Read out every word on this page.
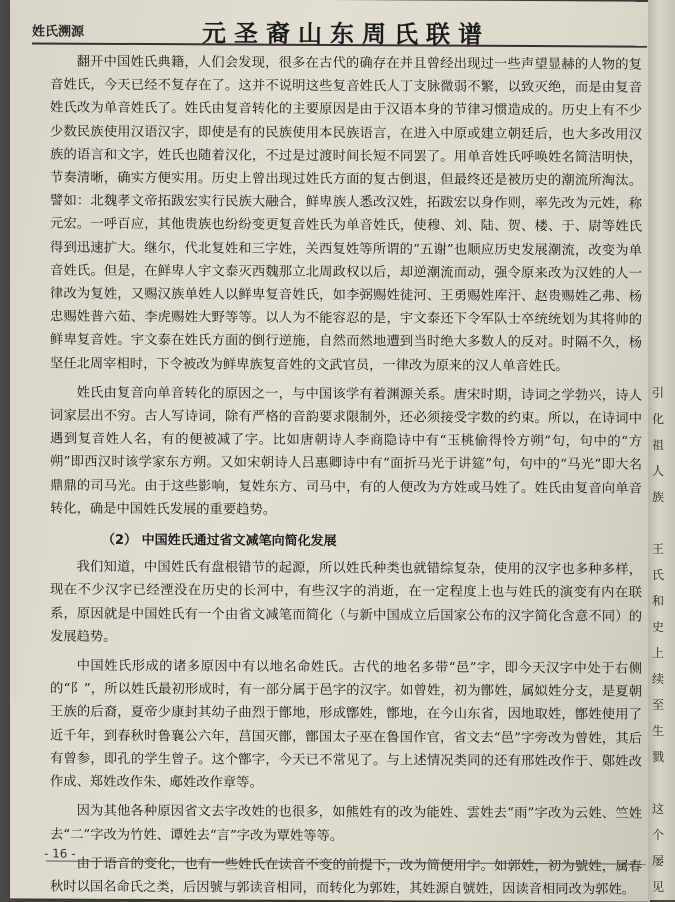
姓氏溯源	元圣裔山东周氏联谱

翻开中国姓氏典籍，人们会发现，很多在古代的确存在并且曾经出现过一些声望显赫的人物的复音姓氏，今天已经不复存在了。这并不说明这些复音姓氏人丁支脉微弱不繁，以致灭绝，而是由复音姓氏改为单音姓氏了。姓氏由复音转化的主要原因是由于汉语本身的节律习惯造成的。历史上有不少少数民族使用汉语汉字，即使是有的民族使用本民族语言，在进入中原或建立朝廷后，也大多改用汉族的语言和文字，姓氏也随着汉化，不过是过渡时间长短不同罢了。用单音姓氏呼唤姓名简洁明快，节奏清晰，确实方便实用。历史上曾出现过姓氏方面的复古倒退，但最终还是被历史的潮流所淘汰。譬如：北魏孝文帝拓跋宏实行民族大融合，鲜卑族人悉改汉姓，拓跋宏以身作则，率先改为元姓，称元宏。一呼百应，其他贵族也纷纷变更复音姓氏为单音姓氏，使穆、刘、陆、贺、楼、于、尉等姓氏得到迅速扩大。继尔，代北复姓和三字姓，关西复姓等所谓的“五谢”也顺应历史发展潮流，改变为单音姓氏。但是，在鲜卑人宇文泰灭西魏那立北周政权以后，却逆潮流而动，强令原来改为汉姓的人一律改为复姓，又赐汉族单姓人以鲜卑复音姓氏，如李弼赐姓徒河、王勇赐姓库汗、赵贵赐姓乙弗、杨忠赐姓普六茹、李虎赐姓大野等等。以人为不能容忍的是，宇文泰还下令军队士卒统统划为其将帅的鲜卑复音姓。宇文泰在姓氏方面的倒行逆施，自然而然地遭到当时绝大多数人的反对。时隔不久，杨坚任北周宰相时，下令被改为鲜卑族复音姓的文武官员，一律改为原来的汉人单音姓氏。

姓氏由复音向单音转化的原因之一，与中国该学有着渊源关系。唐宋时期，诗词之学勃兴，诗人词家层出不穷。古人写诗词，除有严格的音韵要求限制外，还必须接受字数的约束。所以，在诗词中遇到复音姓人名，有的便被减了字。比如唐朝诗人李商隐诗中有“玉桃偷得怜方朔”句，句中的“方朔”即西汉时该学家东方朔。又如宋朝诗人吕惠卿诗中有“面折马光于讲筵”句，句中的“马光”即大名鼎鼎的司马光。由于这些影响，复姓东方、司马中，有的人便改为方姓或马姓了。姓氏由复音向单音转化，确是中国姓氏发展的重要趋势。

（2） 中国姓氏通过省文减笔向简化发展

我们知道，中国姓氏有盘根错节的起源，所以姓氏种类也就错综复杂，使用的汉字也多种多样，现在不少汉字已经湮没在历史的长河中，有些汉字的消逝，在一定程度上也与姓氏的演变有内在联系，原因就是中国姓氏有一个由省文减笔而简化（与新中国成立后国家公布的汉字简化含意不同）的发展趋势。

中国姓氏形成的诸多原因中有以地名命姓氏。古代的地名多带“邑”字，即今天汉字中处于右侧的“阝”，所以姓氏最初形成时，有一部分属于邑字的汉字。如曾姓，初为鄫姓，属姒姓分支，是夏朝王族的后裔，夏帝少康封其幼子曲烈于鄫地，形成鄫姓，鄫地，在今山东省，因地取姓，鄫姓使用了近千年，到春秋时鲁襄公六年，莒国灭鄫，鄫国太子巫在鲁国作官，省文去“邑”字旁改为曾姓，其后有曾参，即孔的学生曾子。这个鄫字，今天已不常见了。与上述情况类同的还有邢姓改作于、鄚姓改作成、郑姓改作朱、郕姓改作章等。

因为其他各种原因省文去字改姓的也很多，如熊姓有的改为能姓、雲姓去“雨”字改为云姓、竺姓去“二”字改为竹姓、谭姓去“言”字改为覃姓等等。

由于语音的变化，也有一些姓氏在读音不变的前提下，改为简便用字。如郭姓，初为號姓，属春秋时以国名命氏之类，后因號与郭读音相同，而转化为郭姓，其姓源自號姓，因读音相同改为郭姓。

- 16 -
引
化
祖
人
族

王
氏
和
史上
续至
生戮

这个
屡见
